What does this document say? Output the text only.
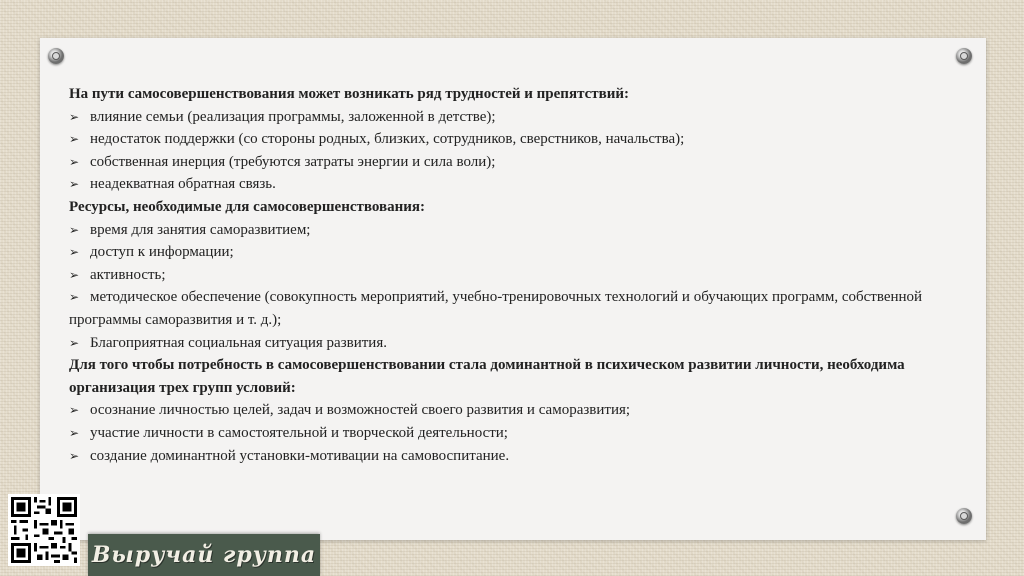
На пути самосовершенствования может возникать ряд трудностей и препятствий:

➢ влияние семьи (реализация программы, заложенной в детстве);

➢ недостаток поддержки (со стороны родных, близких, сотрудников, сверстников, начальства);

➢ собственная инерция (требуются затраты энергии и сила воли);

➢ неадекватная обратная связь.

Ресурсы, необходимые для самосовершенствования:

➢ время для занятия саморазвитием;

➢ доступ к информации;

➢ активность;

➢ методическое обеспечение (совокупность мероприятий, учебно-тренировочных технологий и обучающих программ, собственной программы саморазвития и т. д.);

➢ Благоприятная социальная ситуация развития.

Для того чтобы потребность в самосовершенствовании стала доминантной в психическом развитии личности, необходима организация трех групп условий:

➢ осознание личностью целей, задач и возможностей своего развития и саморазвития;

➢ участие личности в самостоятельной и творческой деятельности;

➢ создание доминантной установки-мотивации на самовоспитание.

Выручай группа
